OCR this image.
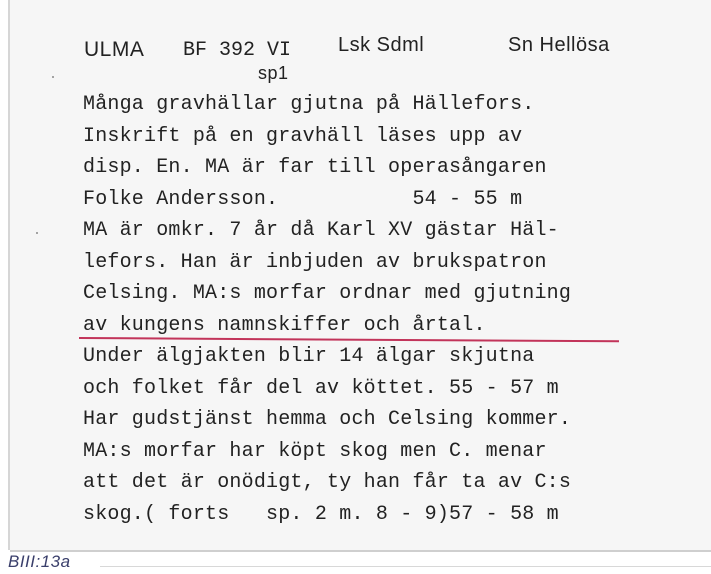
ULMA BF 392 VI Lsk Sdml	Sn Hellösa
sp1
Många gravhällar gjutna på Hällefors.
Inskrift på en gravhäll läses upp av
disp. En. MA är far till operasångaren
Folke Andersson.           54 - 55 m
MA är omkr. 7 år då Karl XV gästar Häl-
lefors. Han är inbjuden av brukspatron
Celsing. MA:s morfar ordnar med gjutning
av kungens namnskiffer och årtal.
Under älgjakten blir 14 älgar skjutna
och folket får del av köttet. 55 - 57 m
Har gudstjänst hemma och Celsing kommer.
MA:s morfar har köpt skog men C. menar
att det är onödigt, ty han får ta av C:s
skog.( forts   sp. 2 m. 8 - 9)57 - 58 m
BIII:13a
